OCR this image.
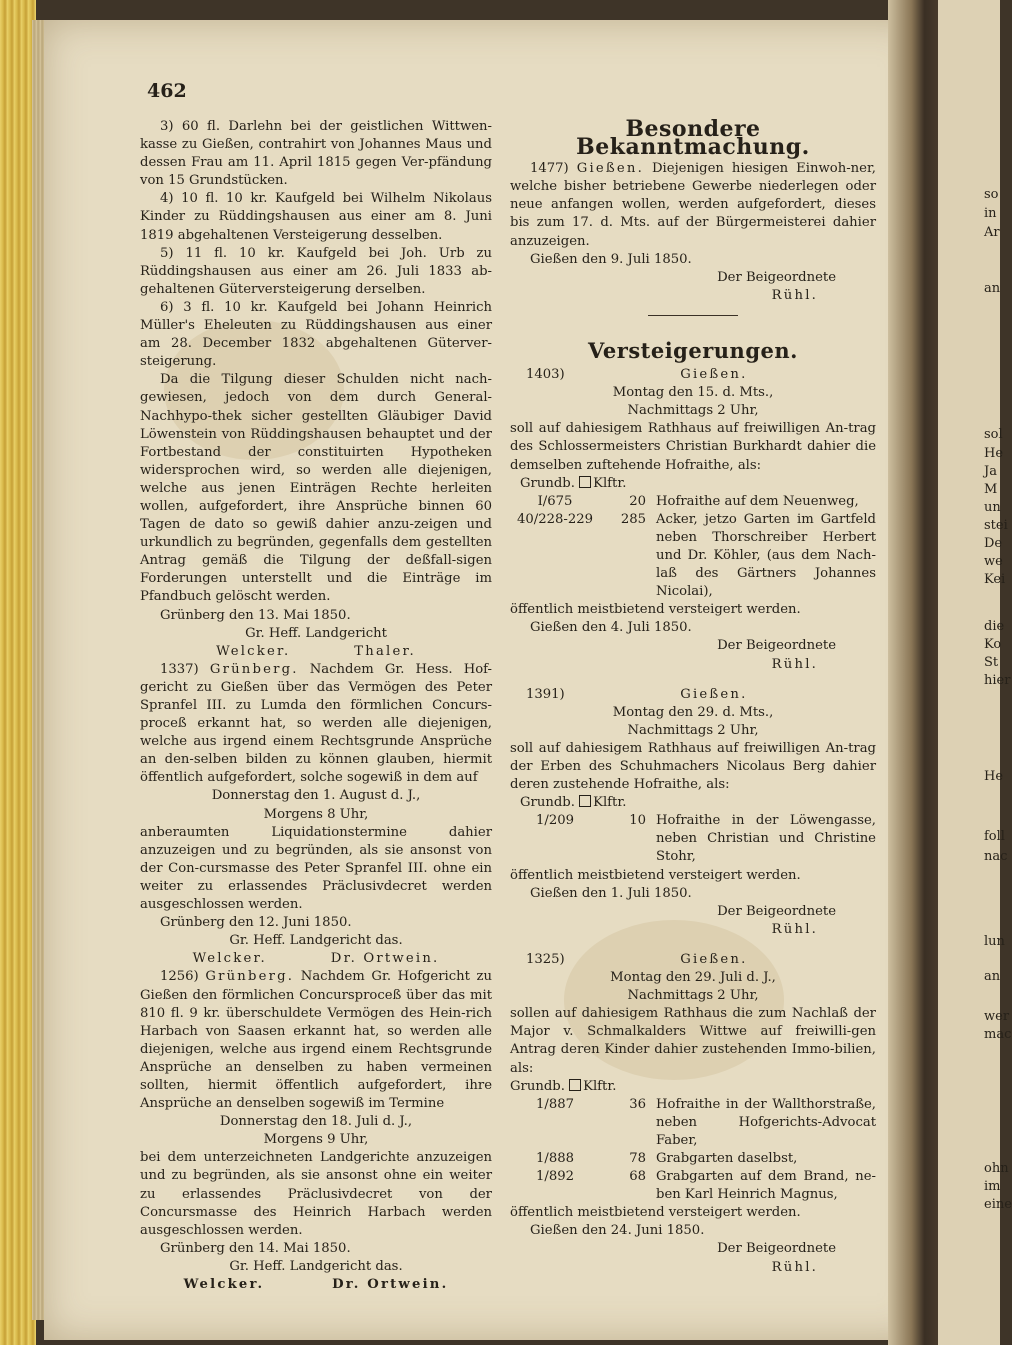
so
in
Ar
an
sol
He
Ja
M
un
stei
De
we
Kei
die
Ko
St
hier
He
foll
nac
lun
an
wer
mac
ohn
im
eine
462

3) 60 fl. Darlehn bei der geistlichen Wittwen-kasse zu Gießen, contrahirt von Johannes Maus und dessen Frau am 11. April 1815 gegen Ver-pfändung von 15 Grundstücken.

4) 10 fl. 10 kr. Kaufgeld bei Wilhelm Nikolaus Kinder zu Rüddingshausen aus einer am 8. Juni 1819 abgehaltenen Versteigerung desselben.

5) 11 fl. 10 kr. Kaufgeld bei Joh. Urb zu Rüddingshausen aus einer am 26. Juli 1833 ab-gehaltenen Güterversteigerung derselben.

6) 3 fl. 10 kr. Kaufgeld bei Johann Heinrich Müller's Eheleuten zu Rüddingshausen aus einer am 28. December 1832 abgehaltenen Güterver-steigerung.

Da die Tilgung dieser Schulden nicht nach-gewiesen, jedoch von dem durch General-Nachhypo-thek sicher gestellten Gläubiger David Löwenstein von Rüddingshausen behauptet und der Fortbestand der constituirten Hypotheken widersprochen wird, so werden alle diejenigen, welche aus jenen Einträgen Rechte herleiten wollen, aufgefordert, ihre Ansprüche binnen 60 Tagen de dato so gewiß dahier anzu-zeigen und urkundlich zu begründen, gegenfalls dem gestellten Antrag gemäß die Tilgung der deßfall-sigen Forderungen unterstellt und die Einträge im Pfandbuch gelöscht werden.

Grünberg den 13. Mai 1850.

Gr. Heff. Landgericht

Welcker.          Thaler.

1337) Grünberg. Nachdem Gr. Hess. Hof-gericht zu Gießen über das Vermögen des Peter Spranfel III. zu Lumda den förmlichen Concurs-proceß erkannt hat, so werden alle diejenigen, welche aus irgend einem Rechtsgrunde Ansprüche an den-selben bilden zu können glauben, hiermit öffentlich aufgefordert, solche sogewiß in dem auf

Donnerstag den 1. August d. J.,

Morgens 8 Uhr,

anberaumten Liquidationstermine dahier anzuzeigen und zu begründen, als sie ansonst von der Con-cursmasse des Peter Spranfel III. ohne ein weiter zu erlassendes Präclusivdecret werden ausgeschlossen werden.

Grünberg den 12. Juni 1850.

Gr. Heff. Landgericht das.

Welcker.          Dr. Ortwein.

1256) Grünberg. Nachdem Gr. Hofgericht zu Gießen den förmlichen Concursproceß über das mit 810 fl. 9 kr. überschuldete Vermögen des Hein-rich Harbach von Saasen erkannt hat, so werden alle diejenigen, welche aus irgend einem Rechtsgrunde Ansprüche an denselben zu haben vermeinen sollten, hiermit öffentlich aufgefordert, ihre Ansprüche an denselben sogewiß im Termine

Donnerstag den 18. Juli d. J.,

Morgens 9 Uhr,

bei dem unterzeichneten Landgerichte anzuzeigen und zu begründen, als sie ansonst ohne ein weiter zu erlassendes Präclusivdecret von der Concursmasse des Heinrich Harbach werden ausgeschlossen werden.

Grünberg den 14. Mai 1850.

Gr. Heff. Landgericht das.

Welcker.          Dr. Ortwein.

Besondere Bekanntmachung.

1477) Gießen. Diejenigen hiesigen Einwoh-ner, welche bisher betriebene Gewerbe niederlegen oder neue anfangen wollen, werden aufgefordert, dieses bis zum 17. d. Mts. auf der Bürgermeisterei dahier anzuzeigen.

Gießen den 9. Juli 1850.

Der Beigeordnete

Rühl.

Versteigerungen.

1403)	Gießen.

Montag den 15. d. Mts.,

Nachmittags 2 Uhr,

soll auf dahiesigem Rathhaus auf freiwilligen An-trag des Schlossermeisters Christian Burkhardt dahier die demselben zuftehende Hofraithe, als:

Grundb. Klftr.

I/675	20 Hofraithe auf dem Neuenweg,
40/228-229	285 Acker, jetzo Garten im Gartfeld neben Thorschreiber Herbert und Dr. Köhler, (aus dem Nach-laß des Gärtners Johannes Nicolai),

öffentlich meistbietend versteigert werden.

Gießen den 4. Juli 1850.

Der Beigeordnete

Rühl.

1391)	Gießen.

Montag den 29. d. Mts.,

Nachmittags 2 Uhr,

soll auf dahiesigem Rathhaus auf freiwilligen An-trag der Erben des Schuhmachers Nicolaus Berg dahier deren zustehende Hofraithe, als:

Grundb. Klftr.

1/209	10 Hofraithe in der Löwengasse, neben Christian und Christine Stohr,

öffentlich meistbietend versteigert werden.

Gießen den 1. Juli 1850.

Der Beigeordnete

Rühl.

1325)	Gießen.

Montag den 29. Juli d. J.,

Nachmittags 2 Uhr,

sollen auf dahiesigem Rathhaus die zum Nachlaß der Major v. Schmalkalders Wittwe auf freiwilli-gen Antrag deren Kinder dahier zustehenden Immo-bilien, als:

Grundb. Klftr.

1/887	36 Hofraithe in der Wallthorstraße, neben Hofgerichts-Advocat Faber,
1/888	78 Grabgarten daselbst,
1/892	68 Grabgarten auf dem Brand, ne-ben Karl Heinrich Magnus,

öffentlich meistbietend versteigert werden.

Gießen den 24. Juni 1850.

Der Beigeordnete

Rühl.
